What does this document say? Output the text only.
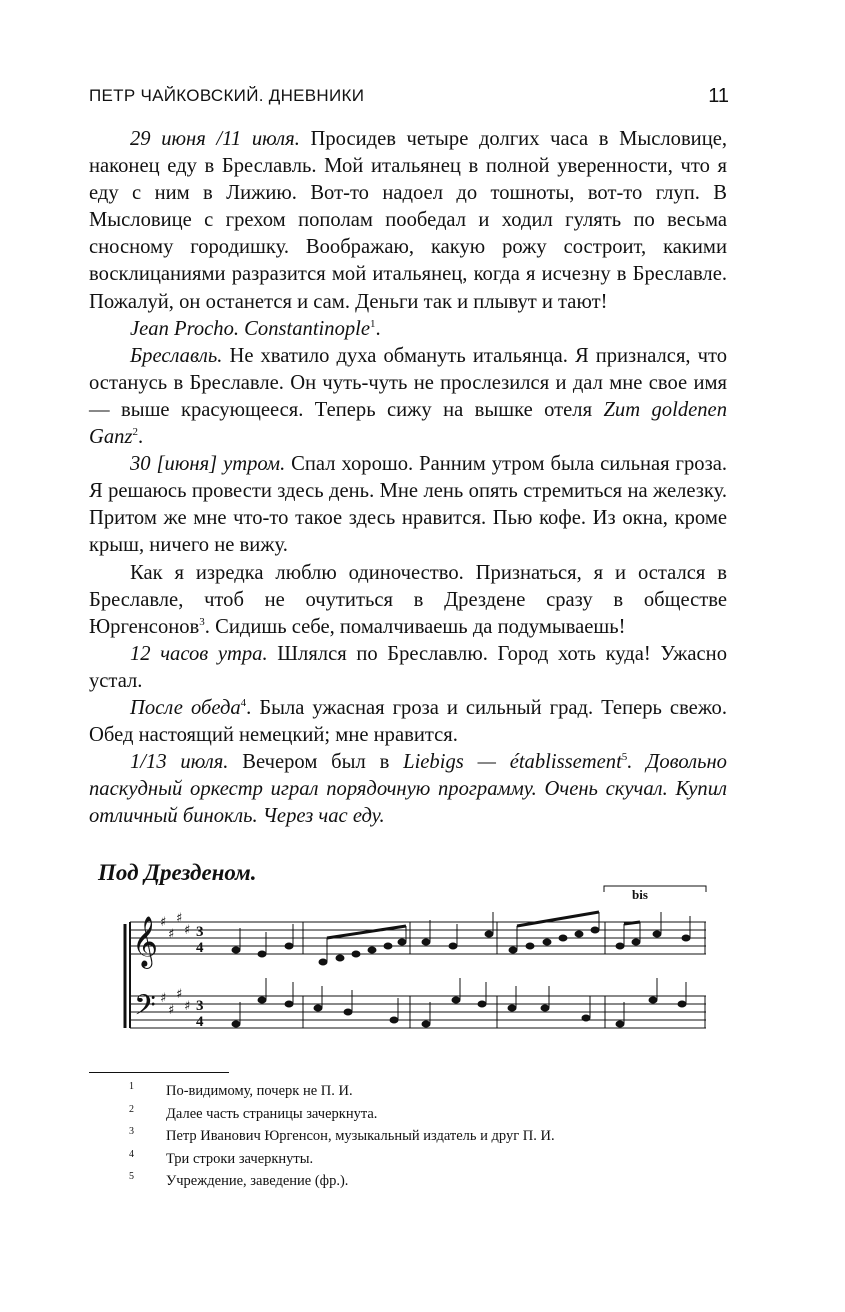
ПЕТР ЧАЙКОВСКИЙ. ДНЕВНИКИ	11

29 июня /11 июля. Просидев четыре долгих часа в Мысловице, наконец еду в Бреславль. Мой итальянец в полной уверенности, что я еду с ним в Лижию. Вот-то надоел до тошноты, вот-то глуп. В Мысловице с грехом пополам пообедал и ходил гулять по весьма сносному городишку. Воображаю, какую рожу состроит, какими восклицаниями разразится мой итальянец, когда я исчезну в Бреславле. Пожалуй, он останется и сам. Деньги так и плывут и тают!

Jean Procho. Constantinople$^1$.

Бреславль. Не хватило духа обмануть итальянца. Я признался, что останусь в Бреславле. Он чуть-чуть не прослезился и дал мне свое имя — выше красующееся. Теперь сижу на вышке отеля Zum goldenen Ganz$^2$.

30 [июня] утром. Спал хорошо. Ранним утром была сильная гроза. Я решаюсь провести здесь день. Мне лень опять стремиться на железку. Притом же мне что-то такое здесь нравится. Пью кофе. Из окна, кроме крыш, ничего не вижу.

Как я изредка люблю одиночество. Признаться, я и остался в Бреславле, чтоб не очутиться в Дрездене сразу в обществе Юргенсонов$^3$. Сидишь себе, помалчиваешь да подумываешь!

12 часов утра. Шлялся по Бреславлю. Город хоть куда! Ужасно устал.

После обеда$^4$. Была ужасная гроза и сильный град. Теперь свежо. Обед настоящий немецкий; мне нравится.

1/13 июля. Вечером был в Liebigs — établissement$^5$. Довольно паскудный оркестр играл порядочную программу. Очень скучал. Купил отличный бинокль. Через час еду.

Под Дрезденом.
𝄞
𝄢
♯
♯
♯
♯
♯
♯
♯
♯
3
4
3
4
bis
1 По-видимому, почерк не П. И.
2 Далее часть страницы зачеркнута.
3 Петр Иванович Юргенсон, музыкальный издатель и друг П. И.
4 Три строки зачеркнуты.
5 Учреждение, заведение (фр.).
